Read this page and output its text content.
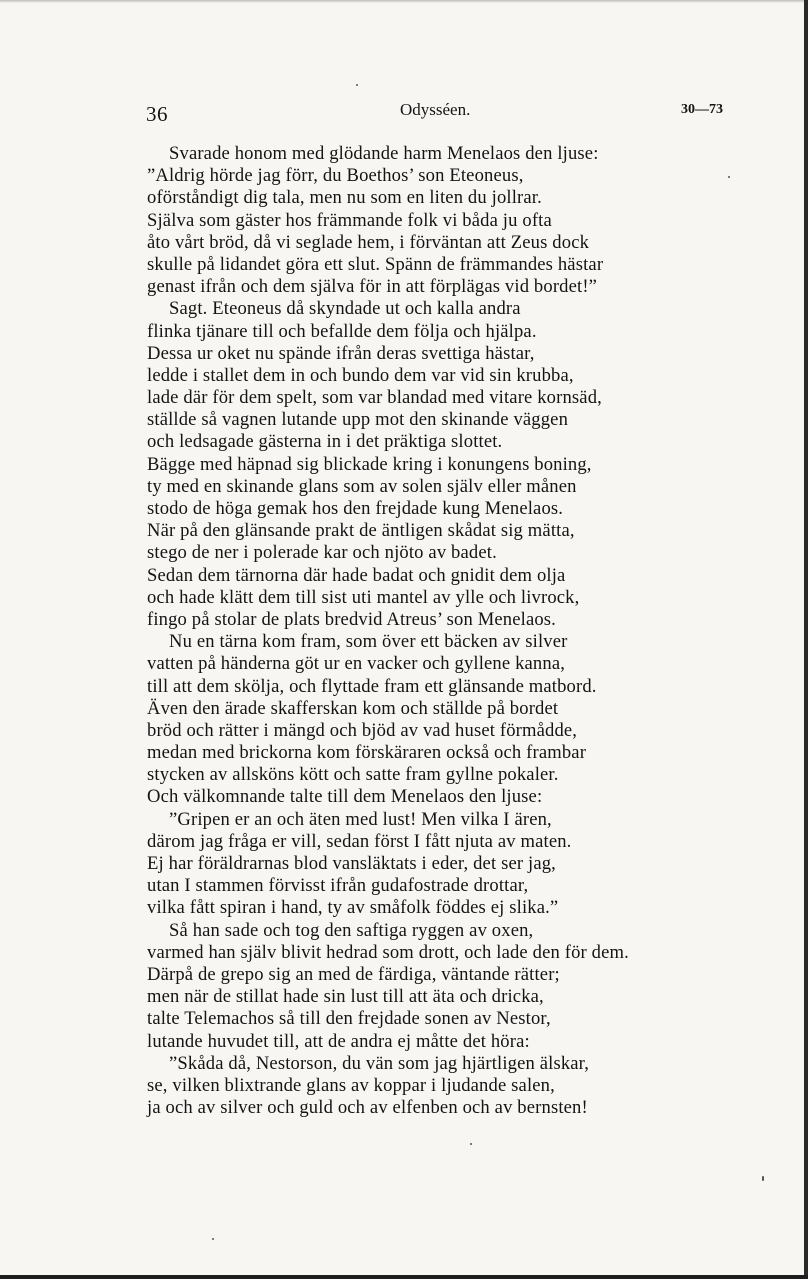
36	Odysséen.	30—73
Svarade honom med glödande harm Menelaos den ljuse:
”Aldrig hörde jag förr, du Boethos’ son Eteoneus,
oförståndigt dig tala, men nu som en liten du jollrar.
Själva som gäster hos främmande folk vi båda ju ofta
åto vårt bröd, då vi seglade hem, i förväntan att Zeus dock
skulle på lidandet göra ett slut. Spänn de främmandes hästar
genast ifrån och dem själva för in att förplägas vid bordet!”
Sagt. Eteoneus då skyndade ut och kalla andra
flinka tjänare till och befallde dem följa och hjälpa.
Dessa ur oket nu spände ifrån deras svettiga hästar,
ledde i stallet dem in och bundo dem var vid sin krubba,
lade där för dem spelt, som var blandad med vitare kornsäd,
ställde så vagnen lutande upp mot den skinande väggen
och ledsagade gästerna in i det präktiga slottet.
Bägge med häpnad sig blickade kring i konungens boning,
ty med en skinande glans som av solen själv eller månen
stodo de höga gemak hos den frejdade kung Menelaos.
När på den glänsande prakt de äntligen skådat sig mätta,
stego de ner i polerade kar och njöto av badet.
Sedan dem tärnorna där hade badat och gnidit dem olja
och hade klätt dem till sist uti mantel av ylle och livrock,
fingo på stolar de plats bredvid Atreus’ son Menelaos.
Nu en tärna kom fram, som över ett bäcken av silver
vatten på händerna göt ur en vacker och gyllene kanna,
till att dem skölja, och flyttade fram ett glänsande matbord.
Även den ärade skafferskan kom och ställde på bordet
bröd och rätter i mängd och bjöd av vad huset förmådde,
medan med brickorna kom förskäraren också och frambar
stycken av allsköns kött och satte fram gyllne pokaler.
Och välkomnande talte till dem Menelaos den ljuse:
”Gripen er an och äten med lust! Men vilka I ären,
därom jag fråga er vill, sedan först I fått njuta av maten.
Ej har föräldrarnas blod vansläktats i eder, det ser jag,
utan I stammen förvisst ifrån gudafostrade drottar,
vilka fått spiran i hand, ty av småfolk föddes ej slika.”
Så han sade och tog den saftiga ryggen av oxen,
varmed han själv blivit hedrad som drott, och lade den för dem.
Därpå de grepo sig an med de färdiga, väntande rätter;
men när de stillat hade sin lust till att äta och dricka,
talte Telemachos så till den frejdade sonen av Nestor,
lutande huvudet till, att de andra ej måtte det höra:
”Skåda då, Nestorson, du vän som jag hjärtligen älskar,
se, vilken blixtrande glans av koppar i ljudande salen,
ja och av silver och guld och av elfenben och av bernsten!
